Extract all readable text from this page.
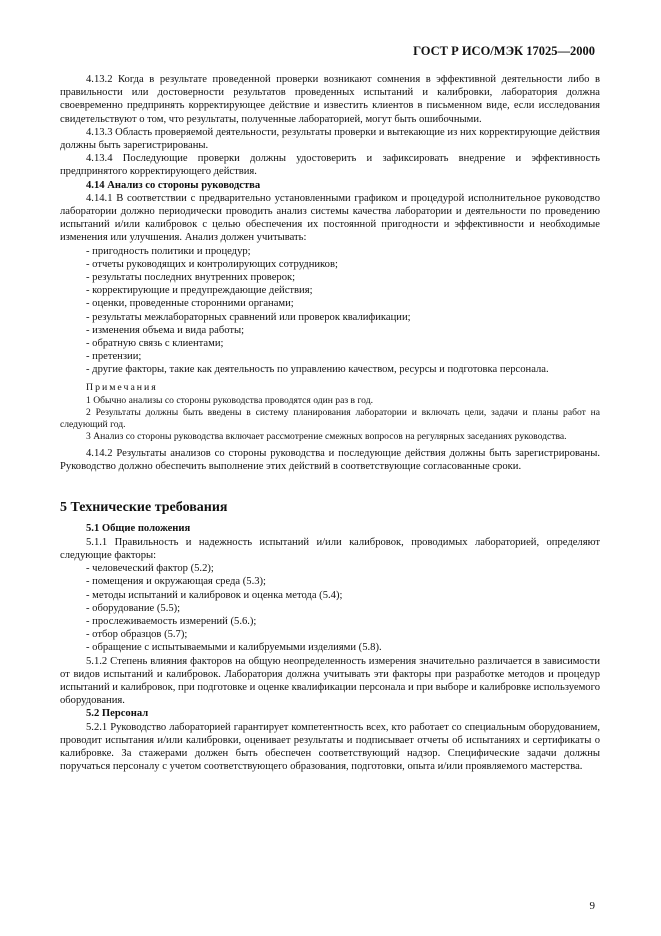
ГОСТ Р ИСО/МЭК 17025—2000

4.13.2 Когда в результате проведенной проверки возникают сомнения в эффективной деятельности либо в правильности или достоверности результатов проведенных испытаний и калибровки, лаборатория должна своевременно предпринять корректирующее действие и известить клиентов в письменном виде, если исследования свидетельствуют о том, что результаты, полученные лабораторией, могут быть ошибочными.

4.13.3 Область проверяемой деятельности, результаты проверки и вытекающие из них корректирующие действия должны быть зарегистрированы.

4.13.4 Последующие проверки должны удостоверить и зафиксировать внедрение и эффективность предпринятого корректирующего действия.

4.14 Анализ со стороны руководства

4.14.1 В соответствии с предварительно установленными графиком и процедурой исполнительное руководство лаборатории должно периодически проводить анализ системы качества лаборатории и деятельности по проведению испытаний и/или калибровок с целью обеспечения их постоянной пригодности и эффективности и необходимые изменения или улучшения. Анализ должен учитывать:

- пригодность политики и процедур;

- отчеты руководящих и контролирующих сотрудников;

- результаты последних внутренних проверок;

- корректирующие и предупреждающие действия;

- оценки, проведенные сторонними органами;

- результаты межлабораторных сравнений или проверок квалификации;

- изменения объема и вида работы;

- обратную связь с клиентами;

- претензии;

- другие факторы, такие как деятельность по управлению качеством, ресурсы и подготовка персонала.

Примечания

1 Обычно анализы со стороны руководства проводятся один раз в год.

2 Результаты должны быть введены в систему планирования лаборатории и включать цели, задачи и планы работ на следующий год.

3 Анализ со стороны руководства включает рассмотрение смежных вопросов на регулярных заседаниях руководства.

4.14.2 Результаты анализов со стороны руководства и последующие действия должны быть зарегистрированы. Руководство должно обеспечить выполнение этих действий в соответствующие согласованные сроки.

5 Технические требования

5.1 Общие положения

5.1.1 Правильность и надежность испытаний и/или калибровок, проводимых лабораторией, определяют следующие факторы:

- человеческий фактор (5.2);

- помещения и окружающая среда (5.3);

- методы испытаний и калибровок и оценка метода (5.4);

- оборудование (5.5);

- прослеживаемость измерений (5.6.);

- отбор образцов (5.7);

- обращение с испытываемыми и калибруемыми изделиями (5.8).

5.1.2 Степень влияния факторов на общую неопределенность измерения значительно различается в зависимости от видов испытаний и калибровок. Лаборатория должна учитывать эти факторы при разработке методов и процедур испытаний и калибровок, при подготовке и оценке квалификации персонала и при выборе и калибровке используемого оборудования.

5.2 Персонал

5.2.1 Руководство лабораторией гарантирует компетентность всех, кто работает со специальным оборудованием, проводит испытания и/или калибровки, оценивает результаты и подписывает отчеты об испытаниях и сертификаты о калибровке. За стажерами должен быть обеспечен соответствующий надзор. Специфические задачи должны поручаться персоналу с учетом соответствующего образования, подготовки, опыта и/или проявляемого мастерства.

9
